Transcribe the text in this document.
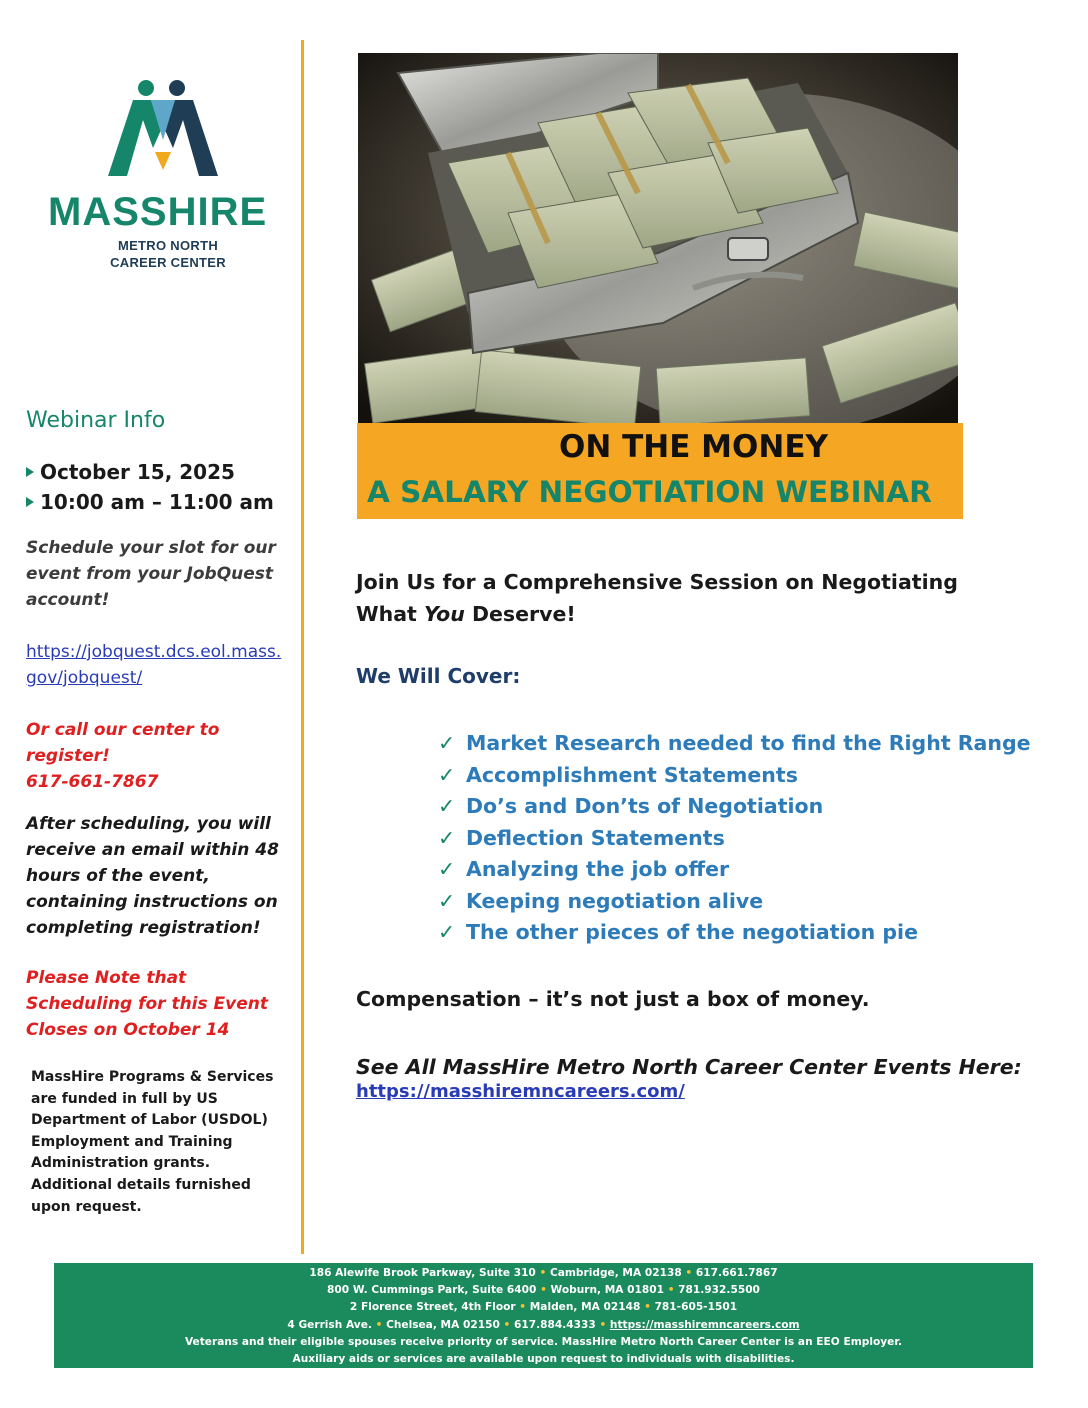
MASSHIRE
METRO NORTH
CAREER CENTER
Webinar Info
October 15, 2025
10:00 am – 11:00 am
Schedule your slot for our event from your JobQuest account!
https://jobquest.dcs.eol.mass.
gov/jobquest/
Or call our center to register!
617-661-7867
After scheduling, you will receive an email within 48 hours of the event, containing instructions on completing registration!
Please Note that Scheduling for this Event Closes on October 14
MassHire Programs & Services are funded in full by US Department of Labor (USDOL) Employment and Training Administration grants. Additional details furnished upon request.
ON THE MONEY
A SALARY NEGOTIATION WEBINAR
Join Us for a Comprehensive Session on Negotiating
What You Deserve!
We Will Cover:
✓ Market Research needed to find the Right Range
✓ Accomplishment Statements
✓ Do’s and Don’ts of Negotiation
✓ Deflection Statements
✓ Analyzing the job offer
✓ Keeping negotiation alive
✓ The other pieces of the negotiation pie
Compensation – it’s not just a box of money.
See All MassHire Metro North Career Center Events Here:
https://masshiremncareers.com/
186 Alewife Brook Parkway, Suite 310 • Cambridge, MA 02138 • 617.661.7867
800 W. Cummings Park, Suite 6400 • Woburn, MA 01801 • 781.932.5500
2 Florence Street, 4th Floor • Malden, MA 02148 • 781-605-1501
4 Gerrish Ave. • Chelsea, MA 02150 • 617.884.4333 • https://masshiremncareers.com
Veterans and their eligible spouses receive priority of service. MassHire Metro North Career Center is an EEO Employer.
Auxiliary aids or services are available upon request to individuals with disabilities.
